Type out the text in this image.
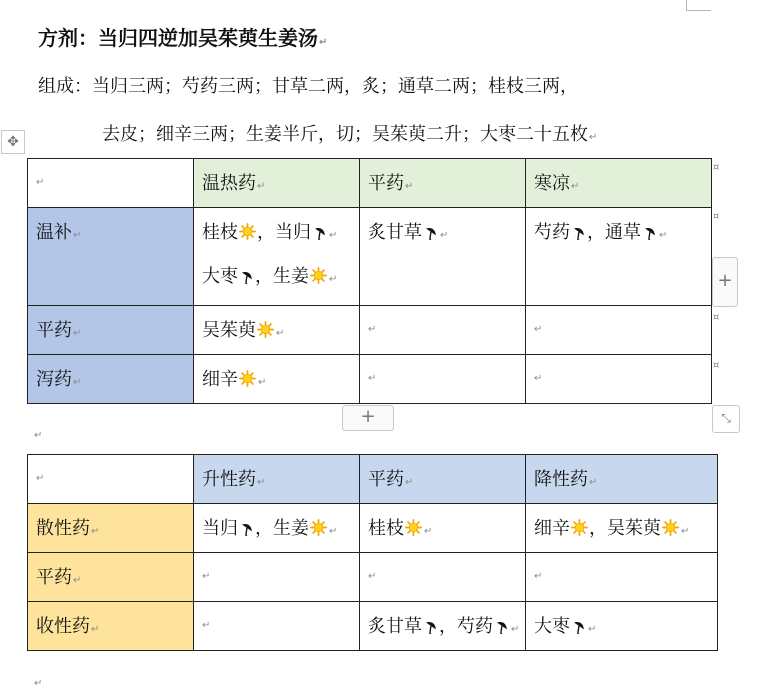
方剂：当归四逆加吴茱萸生姜汤↵
组成：当归三两；芍药三两；甘草二两，炙；通草二两；桂枝三两，
✥	去皮；细辛三两；生姜半斤，切；吴茱萸二升；大枣二十五枚↵
↵	温热药↵	平药↵	寒凉↵
温补↵	桂枝 ，当归 ↵
大枣 ，生姜 ↵	炙甘草 ↵	芍药 ，通草 ↵

平药↵	吴茱萸 ↵	↵	↵
泻药↵	细辛 ↵	↵	↵
¤
¤
¤
¤
+
+	⤡
↵
↵	升性药↵	平药↵	降性药↵
散性药↵	当归 ，生姜 ↵	桂枝 ↵	细辛 ，吴茱萸 ↵

平药↵	↵	↵	↵
收性药↵	↵	炙甘草 ，芍药 ↵	大枣 ↵
↵
